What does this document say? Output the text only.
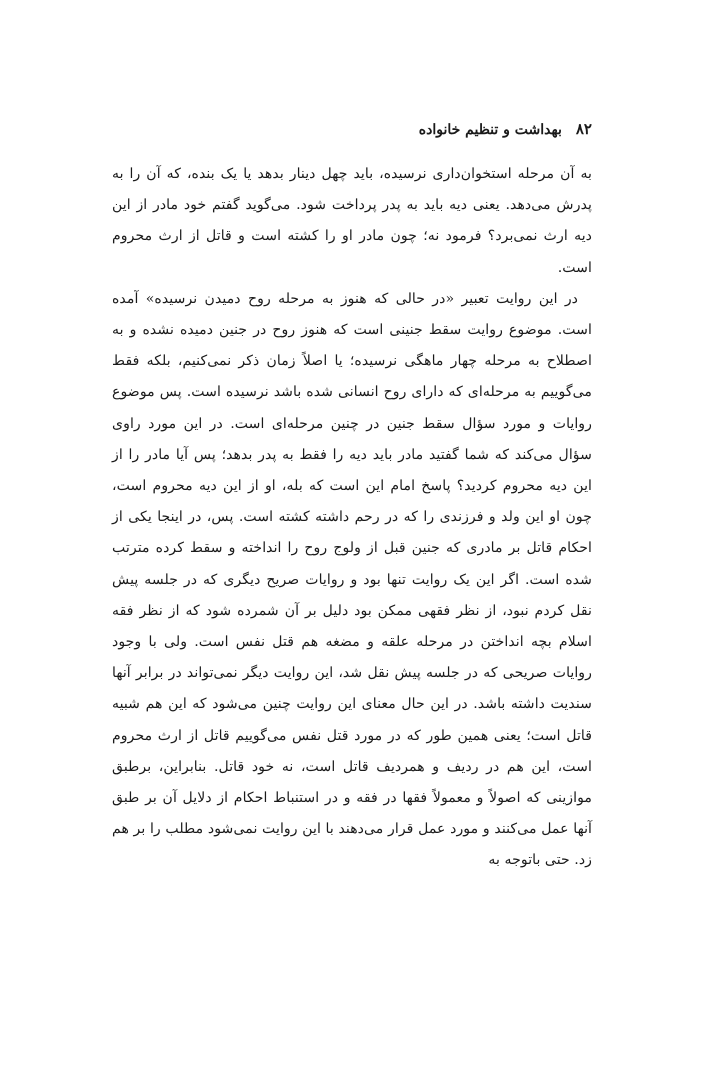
۸۲
بهداشت و تنظیم خانواده

به آن مرحله استخوان‌داری نرسیده، باید چهل دینار بدهد یا یک بنده، که آن را به پدرش می‌دهد. یعنی دیه باید به پدر پرداخت شود. می‌گوید گفتم خود مادر از این دیه ارث نمی‌برد؟ فرمود نه؛ چون مادر او را کشته است و قاتل از ارث محروم است.

در این روایت تعبیر «در حالی که هنوز به مرحله روح دمیدن نرسیده» آمده است. موضوع روایت سقط جنینی است که هنوز روح در جنین دمیده نشده و به اصطلاح به مرحله چهار ماهگی نرسیده؛ یا اصلاً زمان ذکر نمی‌کنیم، بلکه فقط می‌گوییم به مرحله‌ای که دارای روح انسانی شده باشد نرسیده است. پس موضوع روایات و مورد سؤال سقط جنین در چنین مرحله‌ای است. در این مورد راوی سؤال می‌کند که شما گفتید مادر باید دیه را فقط به پدر بدهد؛ پس آیا مادر را از این دیه محروم کردید؟ پاسخ امام این است که بله، او از این دیه محروم است، چون او این ولد و فرزندی را که در رحم داشته کشته است. پس، در اینجا یکی از احکام قاتل بر مادری که جنین قبل از ولوج روح را انداخته و سقط کرده مترتب شده است. اگر این یک روایت تنها بود و روایات صریح دیگری که در جلسه پیش نقل کردم نبود، از نظر فقهی ممکن بود دلیل بر آن شمرده شود که از نظر فقه اسلام بچه انداختن در مرحله علقه و مضغه هم قتل نفس است. ولی با وجود روایات صریحی که در جلسه پیش نقل شد، این روایت دیگر نمی‌تواند در برابر آنها سندیت داشته باشد. در این حال معنای این روایت چنین می‌شود که این هم شبیه قاتل است؛ یعنی همین طور که در مورد قتل نفس می‌گوییم قاتل از ارث محروم است، این هم در ردیف و همردیف قاتل است، نه خود قاتل. بنابراین، برطبق موازینی که اصولاً و معمولاً فقها در فقه و در استنباط احکام از دلایل آن بر طبق آنها عمل می‌کنند و مورد عمل قرار می‌دهند با این روایت نمی‌شود مطلب را بر هم زد. حتی باتوجه به
